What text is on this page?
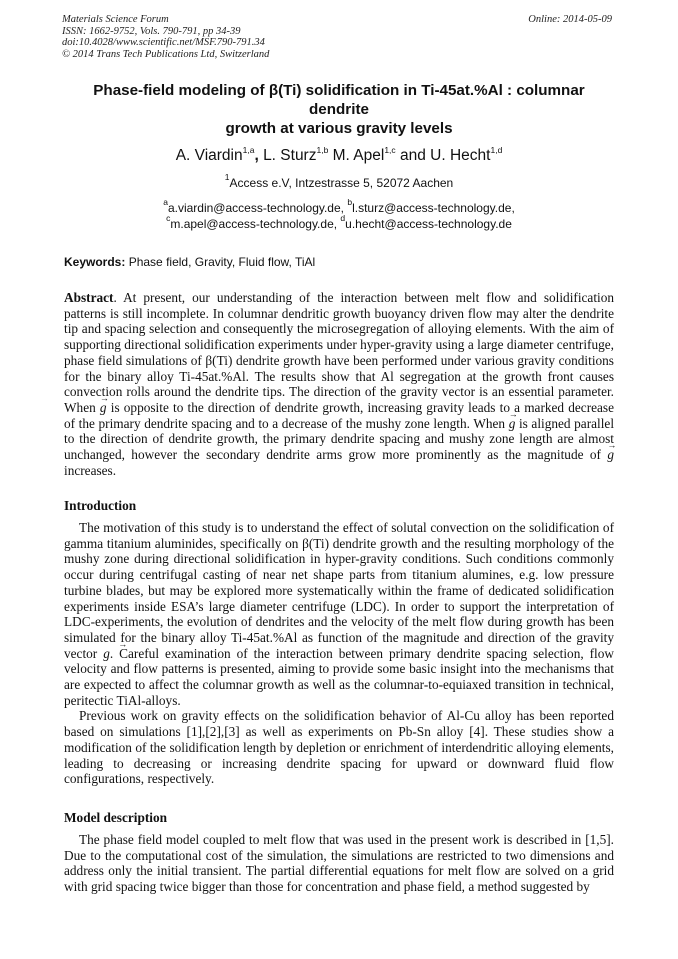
Materials Science Forum
ISSN: 1662-9752, Vols. 790-791, pp 34-39
doi:10.4028/www.scientific.net/MSF.790-791.34
© 2014 Trans Tech Publications Ltd, Switzerland
Online: 2014-05-09
Phase-field modeling of β(Ti) solidification in Ti-45at.%Al : columnar
dendrite
growth at various gravity levels
A. Viardin$^{1,a}$, L. Sturz$^{1,b}$ M. Apel$^{1,c}$ and U. Hecht$^{1,d}$
$^1$Access e.V, Intzestrasse 5, 52072 Aachen
$^a$a.viardin@access-technology.de, $^b$l.sturz@access-technology.de,
$^c$m.apel@access-technology.de, $^d$u.hecht@access-technology.de
Keywords: Phase field, Gravity, Fluid flow, TiAl

Abstract. At present, our understanding of the interaction between melt flow and solidification patterns is still incomplete. In columnar dendritic growth buoyancy driven flow may alter the dendrite tip and spacing selection and consequently the microsegregation of alloying elements. With the aim of supporting directional solidification experiments under hyper-gravity using a large diameter centrifuge, phase field simulations of β(Ti) dendrite growth have been performed under various gravity conditions for the binary alloy Ti-45at.%Al. The results show that Al segregation at the growth front causes convection rolls around the dendrite tips. The direction of the gravity vector is an essential parameter. When → g is opposite to the direction of dendrite growth, increasing gravity leads to a marked decrease of the primary dendrite spacing and to a decrease of the mushy zone length. When → g is aligned parallel to the direction of dendrite growth, the primary dendrite spacing and mushy zone length are almost unchanged, however the secondary dendrite arms grow more prominently as the magnitude of → g increases.

Introduction

The motivation of this study is to understand the effect of solutal convection on the solidification of gamma titanium aluminides, specifically on β(Ti) dendrite growth and the resulting morphology of the mushy zone during directional solidification in hyper-gravity conditions. Such conditions commonly occur during centrifugal casting of near net shape parts from titanium alumines, e.g. low pressure turbine blades, but may be explored more systematically within the frame of dedicated solidification experiments inside ESA’s large diameter centrifuge (LDC). In order to support the interpretation of LDC-experiments, the evolution of dendrites and the velocity of the melt flow during growth has been simulated for the binary alloy Ti-45at.%Al as function of the magnitude and direction of the gravity vector → g. Careful examination of the interaction between primary dendrite spacing selection, flow velocity and flow patterns is presented, aiming to provide some basic insight into the mechanisms that are expected to affect the columnar growth as well as the columnar-to-equiaxed transition in technical, peritectic TiAl-alloys.

Previous work on gravity effects on the solidification behavior of Al-Cu alloy has been reported based on simulations [1],[2],[3] as well as experiments on Pb-Sn alloy [4]. These studies show a modification of the solidification length by depletion or enrichment of interdendritic alloying elements, leading to decreasing or increasing dendrite spacing for upward or downward fluid flow configurations, respectively.

Model description

The phase field model coupled to melt flow that was used in the present work is described in [1,5]. Due to the computational cost of the simulation, the simulations are restricted to two dimensions and address only the initial transient. The partial differential equations for melt flow are solved on a grid with grid spacing twice bigger than those for concentration and phase field, a method suggested by
